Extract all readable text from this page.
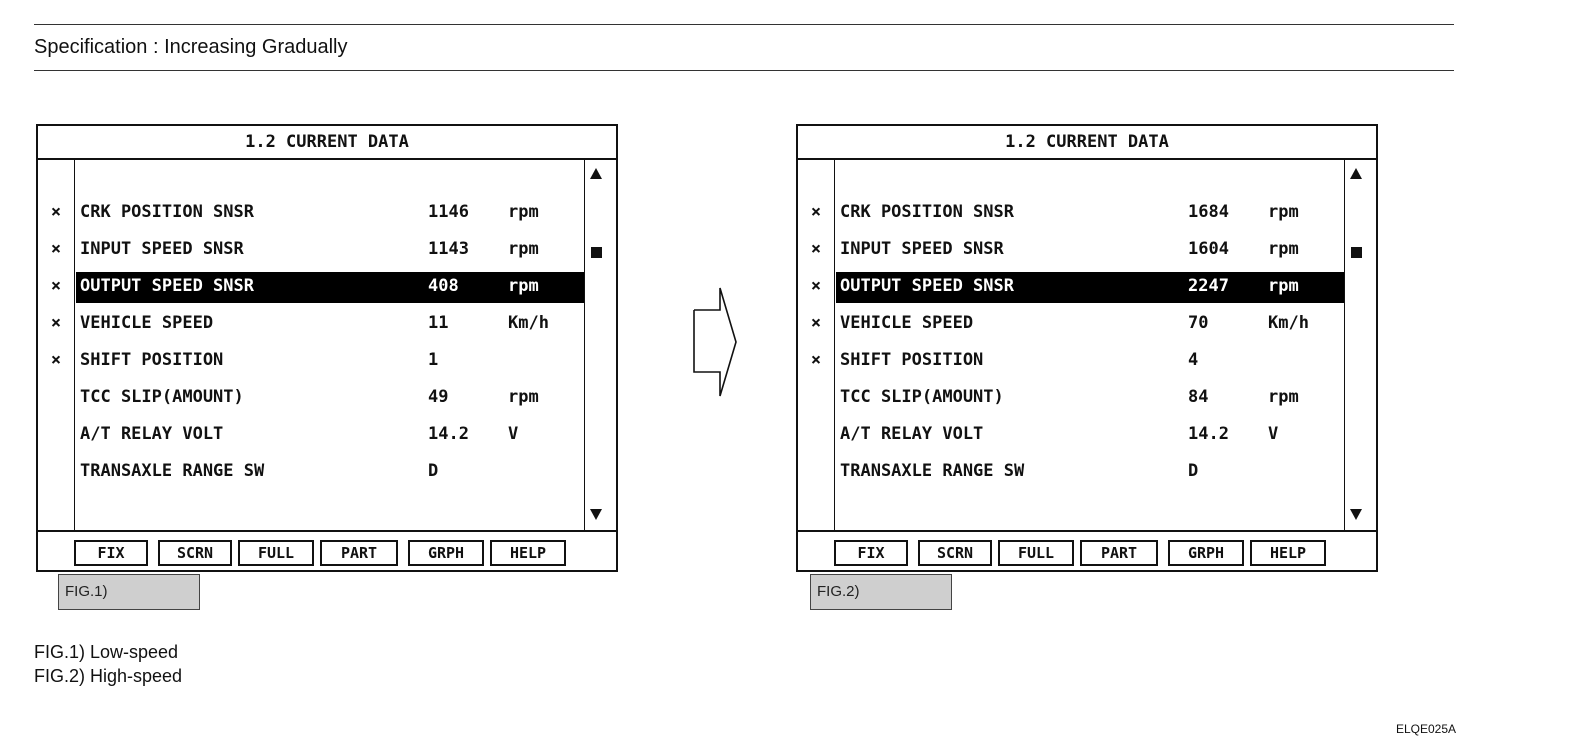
Specification : Increasing Gradually
1.2 CURRENT DATA
× CRK POSITION SNSR	1146 rpm
× INPUT SPEED SNSR	1143 rpm
× OUTPUT SPEED SNSR	408	rpm
× VEHICLE SPEED	11	Km/h
× SHIFT POSITION	1
TCC SLIP(AMOUNT)	49	rpm
A/T RELAY VOLT	14.2 V
TRANSAXLE RANGE SW	D
FIX	SCRN	FULL	PART	GRPH	HELP
FIG.1)
1.2 CURRENT DATA
× CRK POSITION SNSR	1684 rpm
× INPUT SPEED SNSR	1604 rpm
× OUTPUT SPEED SNSR	2247 rpm
× VEHICLE SPEED	70	Km/h
× SHIFT POSITION	4
TCC SLIP(AMOUNT)	84	rpm
A/T RELAY VOLT	14.2 V
TRANSAXLE RANGE SW	D
FIX	SCRN	FULL	PART	GRPH	HELP
FIG.2)
FIG.1) Low-speed
FIG.2) High-speed
ELQE025A
